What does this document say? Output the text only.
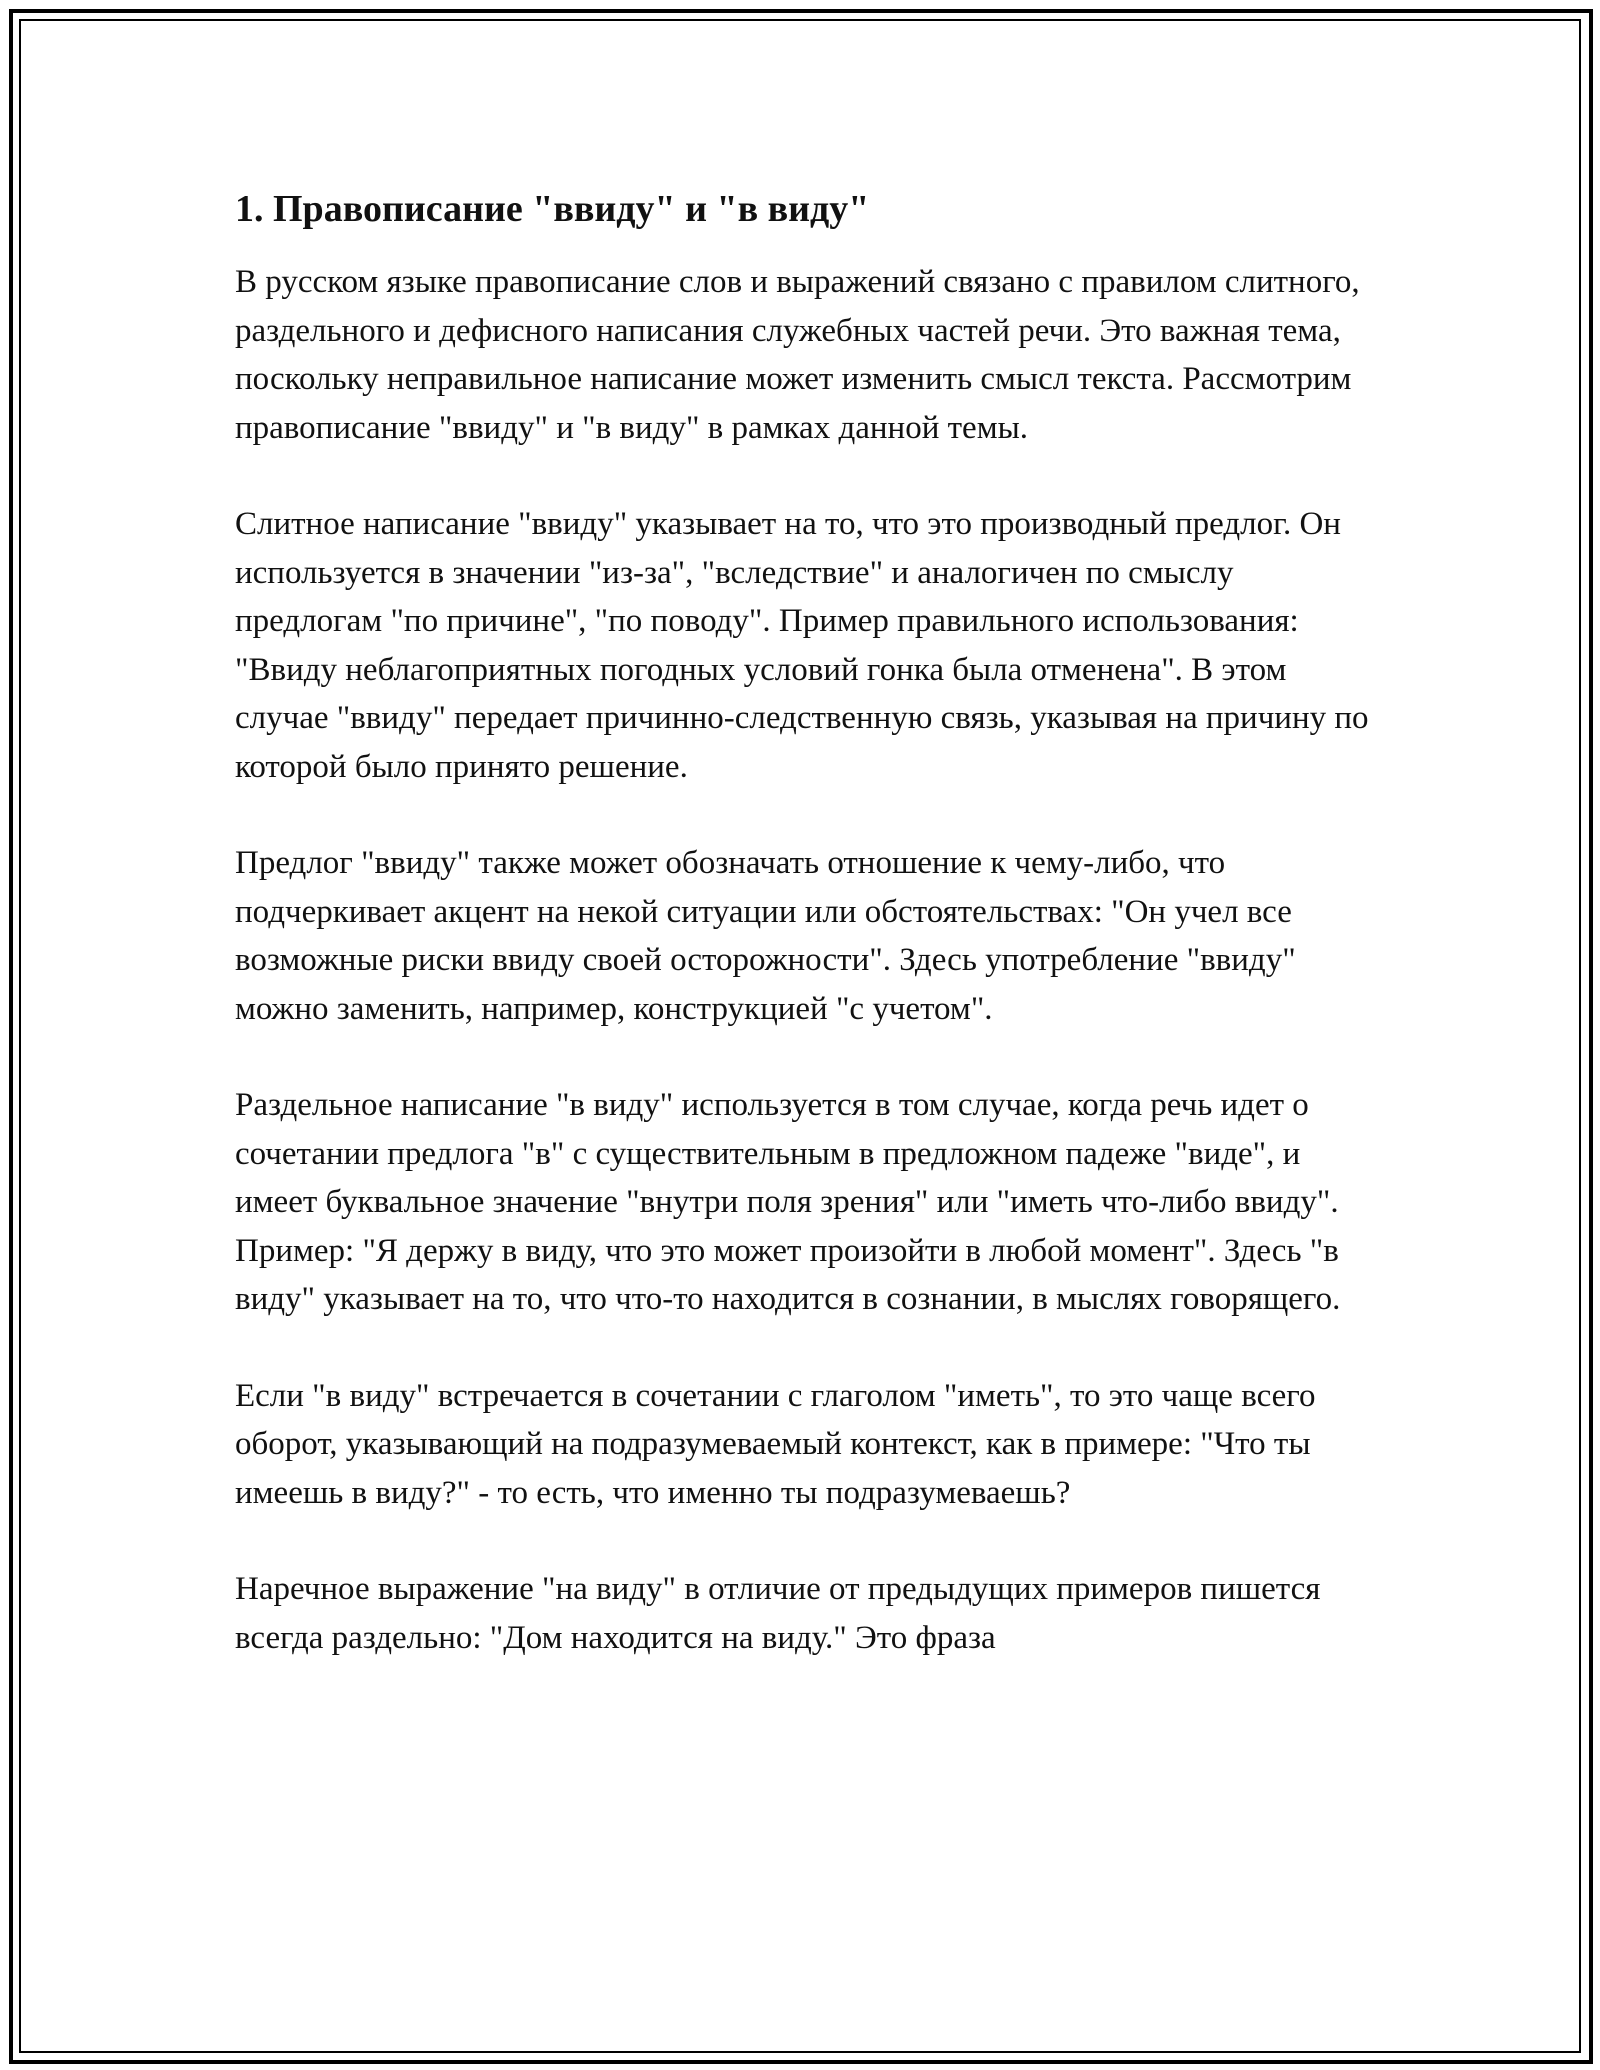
1. Правописание "ввиду" и "в виду"

В русском языке правописание слов и выражений связано с правилом слитного, раздельного и дефисного написания служебных частей речи. Это важная тема, поскольку неправильное написание может изменить смысл текста. Рассмотрим правописание "ввиду" и "в виду" в рамках данной темы.

Слитное написание "ввиду" указывает на то, что это производный предлог. Он используется в значении "из-за", "вследствие" и аналогичен по смыслу предлогам "по причине", "по поводу". Пример правильного использования: "Ввиду неблагоприятных погодных условий гонка была отменена". В этом случае "ввиду" передает причинно-следственную связь, указывая на причину по которой было принято решение.

Предлог "ввиду" также может обозначать отношение к чему-либо, что подчеркивает акцент на некой ситуации или обстоятельствах: "Он учел все возможные риски ввиду своей осторожности". Здесь употребление "ввиду" можно заменить, например, конструкцией "с учетом".

Раздельное написание "в виду" используется в том случае, когда речь идет о сочетании предлога "в" с существительным в предложном падеже "виде", и имеет буквальное значение "внутри поля зрения" или "иметь что-либо ввиду". Пример: "Я держу в виду, что это может произойти в любой момент". Здесь "в виду" указывает на то, что что-то находится в сознании, в мыслях говорящего.

Если "в виду" встречается в сочетании с глаголом "иметь", то это чаще всего оборот, указывающий на подразумеваемый контекст, как в примере: "Что ты имеешь в виду?" - то есть, что именно ты подразумеваешь?

Наречное выражение "на виду" в отличие от предыдущих примеров пишется всегда раздельно: "Дом находится на виду." Это фраза
